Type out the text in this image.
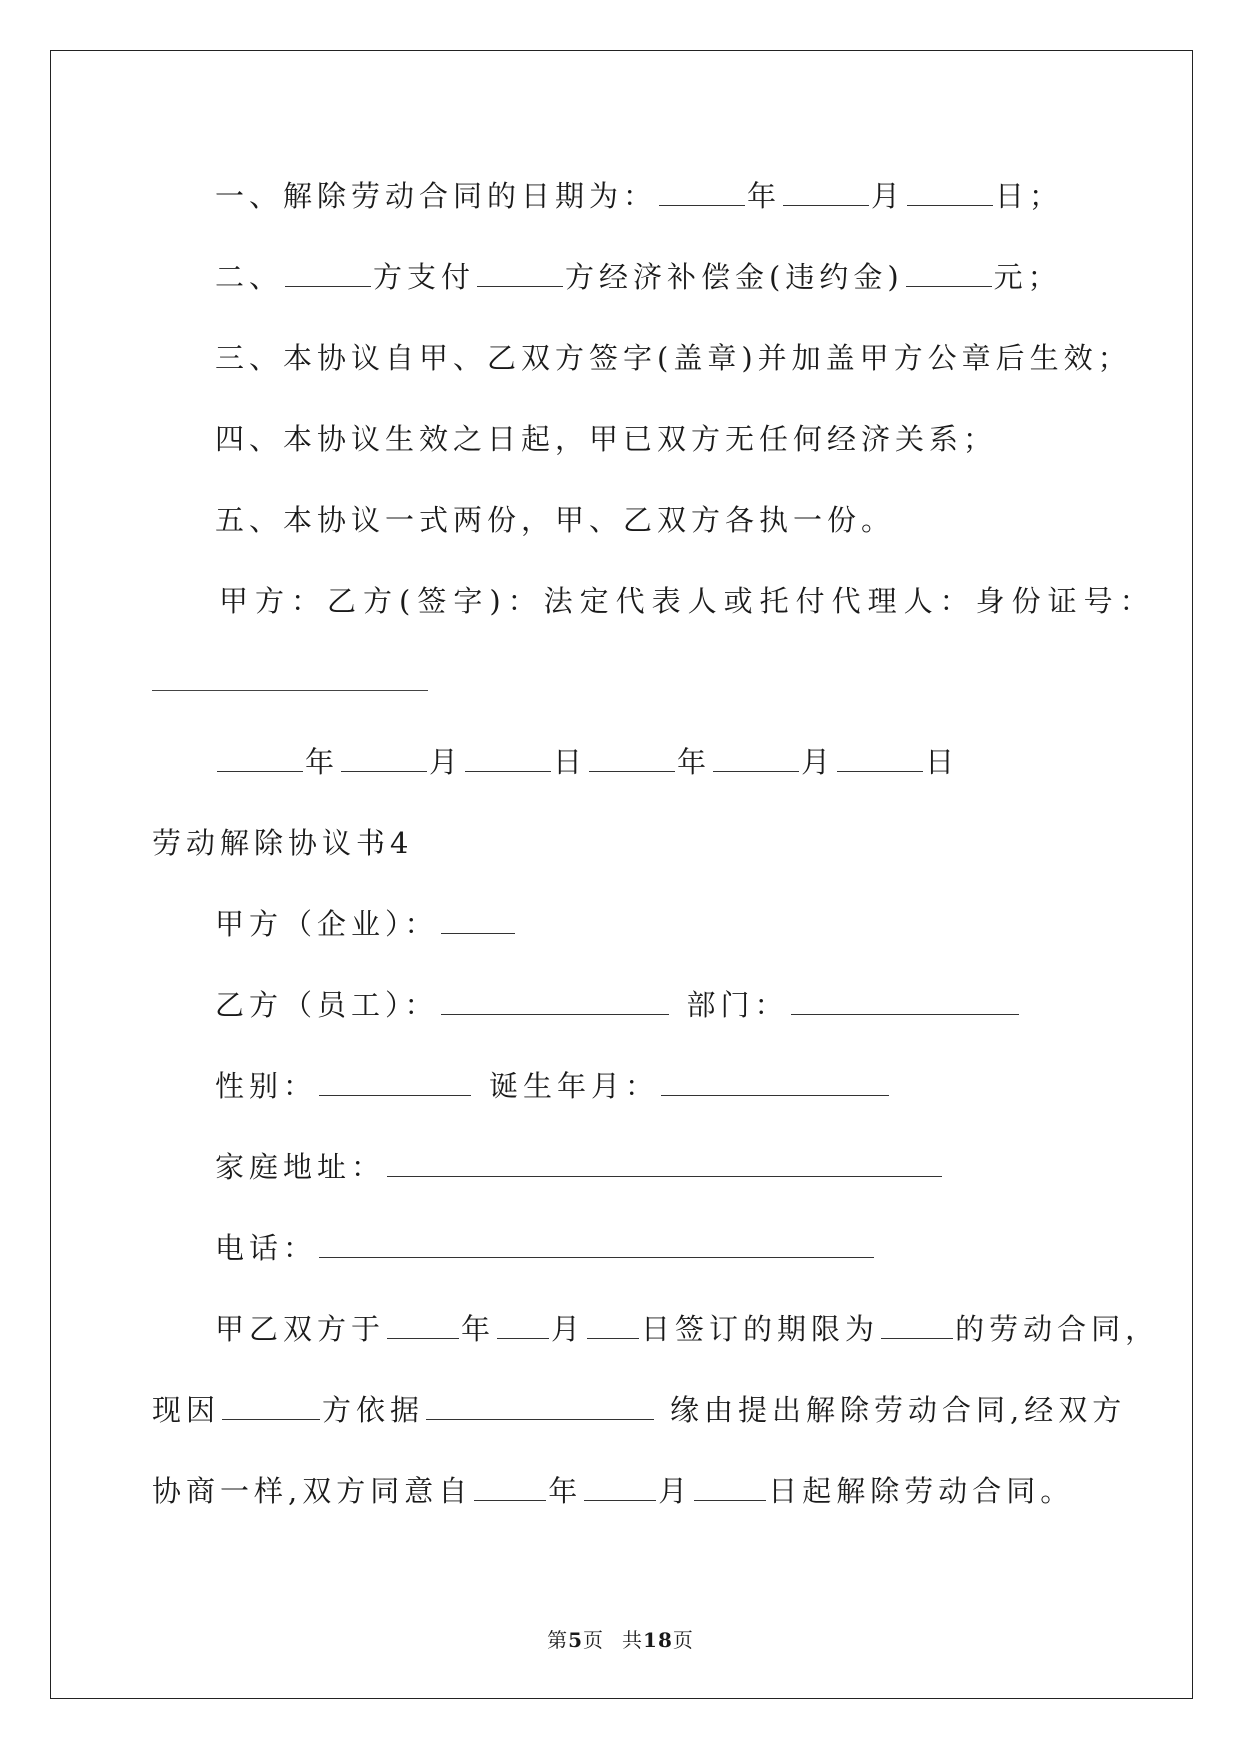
一、解除劳动合同的日期为：	年	月	日；
二、	方支付	方经济补偿金(违约金)	元；
三、本协议自甲、乙双方签字(盖章)并加盖甲方公章后生效；
四、本协议生效之日起，甲已双方无任何经济关系；
五、本协议一式两份，甲、乙双方各执一份。
甲方：乙方(签字)：法定代表人或托付代理人：身份证号：
年	月	日	年	月	日
劳动解除协议书4
甲方（企业）：
乙方（员工）：	部门：
性别：	诞生年月：
家庭地址：
电话：
甲乙双方于	年 月 日签订的期限为	的劳动合同，
现因	方依据	缘由提出解除劳动合同,经双方
协商一样,双方同意自	年	月	日起解除劳动合同。
第5页 共18页
